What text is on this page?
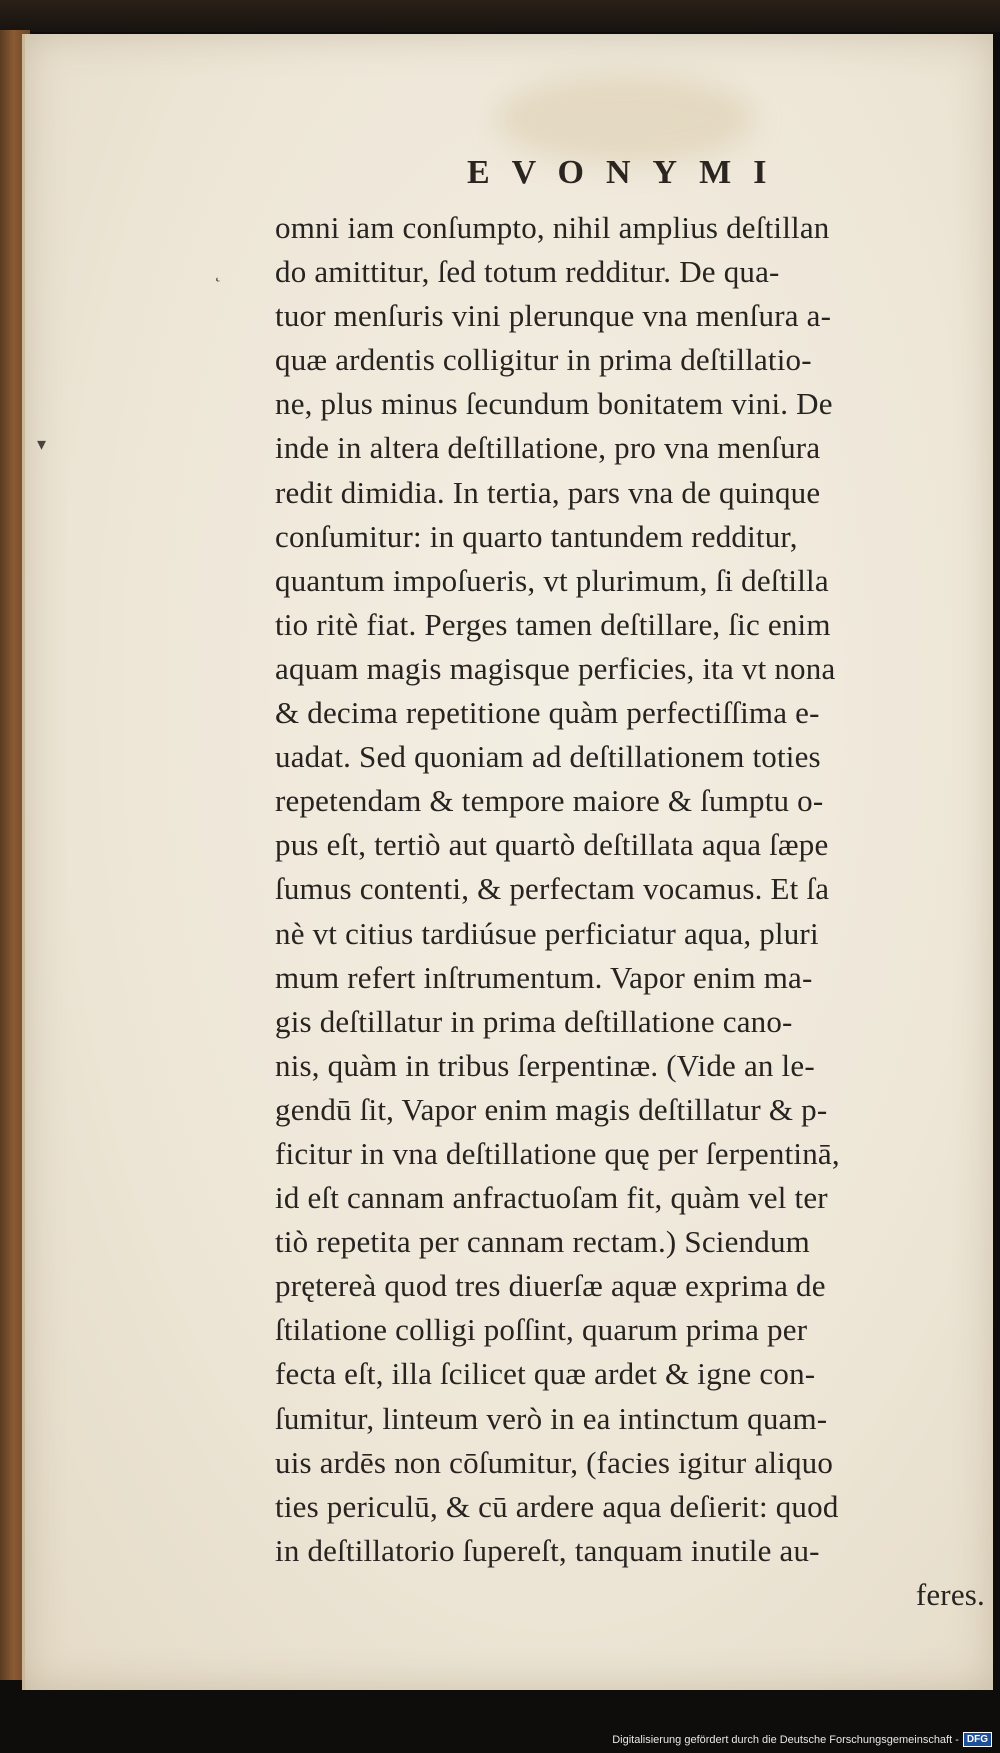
EVONYMI
˛
▾
omni iam conſumpto, nihil amplius deſtillan
do amittitur, ſed totum redditur. De qua-
tuor menſuris vini plerunque vna menſura a-
quæ ardentis colligitur in prima deſtillatio-
ne, plus minus ſecundum bonitatem vini. De
inde in altera deſtillatione, pro vna menſura
redit dimidia. In tertia, pars vna de quinque
conſumitur: in quarto tantundem redditur,
quantum impoſueris, vt plurimum, ſi deſtilla
tio ritè fiat. Perges tamen deſtillare, ſic enim
aquam magis magisque perficies, ita vt nona
& decima repetitione quàm perfectiſſima e-
uadat. Sed quoniam ad deſtillationem toties
repetendam & tempore maiore & ſumptu o-
pus eſt, tertiò aut quartò deſtillata aqua ſæpe
ſumus contenti, & perfectam vocamus. Et ſa
nè vt citius tardiúsue perficiatur aqua, pluri
mum refert inſtrumentum. Vapor enim ma-
gis deſtillatur in prima deſtillatione cano-
nis, quàm in tribus ſerpentinæ. (Vide an le-
gendū ſit, Vapor enim magis deſtillatur & p-
ficitur in vna deſtillatione quę per ſerpentinā,
id eſt cannam anfractuoſam fit, quàm vel ter
tiò repetita per cannam rectam.) Sciendum
prętereà quod tres diuerſæ aquæ exprima de
ſtilatione colligi poſſint, quarum prima per
fecta eſt, illa ſcilicet quæ ardet & igne con-
ſumitur, linteum verò in ea intinctum quam-
uis ardēs non cōſumitur, (facies igitur aliquo
ties periculū, & cū ardere aqua deſierit: quod
in deſtillatorio ſupereſt, tanquam inutile au-
feres.
Digitalisierung gefördert durch die Deutsche Forschungsgemeinschaft - DFG
